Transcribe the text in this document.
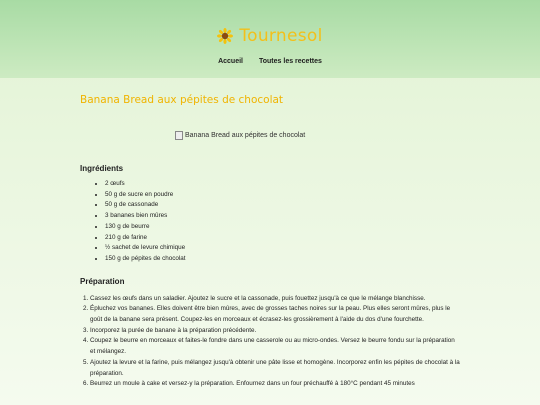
Tournesol
Accueil Toutes les recettes
Banana Bread aux pépites de chocolat
Banana Bread aux pépites de chocolat
Ingrédients
• 2 œufs
• 50 g de sucre en poudre
• 50 g de cassonade
• 3 bananes bien mûres
• 130 g de beurre
• 210 g de farine
• ½ sachet de levure chimique
• 150 g de pépites de chocolat
Préparation
1. Cassez les œufs dans un saladier. Ajoutez le sucre et la cassonade, puis fouettez jusqu'à ce que le mélange blanchisse.
2. Épluchez vos bananes. Elles doivent être bien mûres, avec de grosses taches noires sur la peau. Plus elles seront mûres, plus le goût de la banane sera présent. Coupez-les en morceaux et écrasez-les grossièrement à l'aide du dos d'une fourchette.
3. Incorporez la purée de banane à la préparation précédente.
4. Coupez le beurre en morceaux et faites-le fondre dans une casserole ou au micro-ondes. Versez le beurre fondu sur la préparation et mélangez.
5. Ajoutez la levure et la farine, puis mélangez jusqu'à obtenir une pâte lisse et homogène. Incorporez enfin les pépites de chocolat à la préparation.
6. Beurrez un moule à cake et versez-y la préparation. Enfournez dans un four préchauffé à 180°C pendant 45 minutes
